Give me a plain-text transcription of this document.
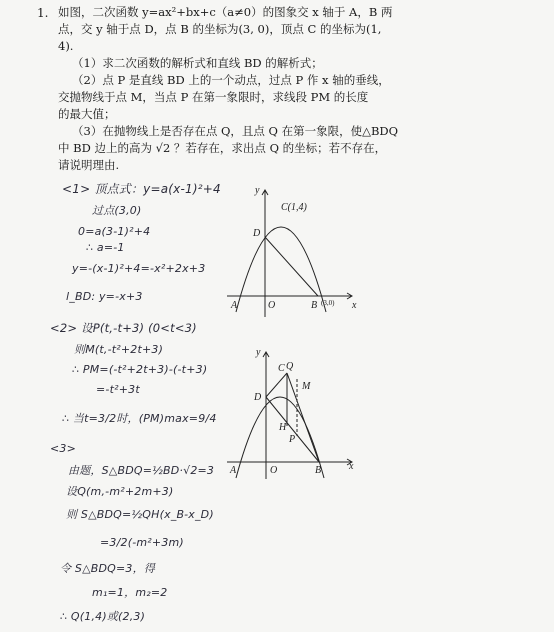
1. 如图，二次函数 y=ax²+bx+c（a≠0）的图象交 x 轴于 A，B 两
点，交 y 轴于点 D，点 B 的坐标为(3, 0)，顶点 C 的坐标为(1,
4).
（1）求二次函数的解析式和直线 BD 的解析式；
（2）点 P 是直线 BD 上的一个动点，过点 P 作 x 轴的垂线，
交抛物线于点 M，当点 P 在第一象限时，求线段 PM 的长度
的最大值；
（3）在抛物线上是否存在点 Q，且点 Q 在第一象限，使△BDQ
中 BD 边上的高为 √2 ？若存在，求出点 Q 的坐标；若不存在，
请说明理由.
<1> 顶点式：y=a(x-1)²+4
过点(3,0)
0=a(3-1)²+4
∴ a=-1
y=-(x-1)²+4=-x²+2x+3
l_BD: y=-x+3
<2> 设P(t,-t+3) (0<t<3)
则M(t,-t²+2t+3)
∴ PM=(-t²+2t+3)-(-t+3)
=-t²+3t
∴ 当t=3/2时，(PM)max=9/4
<3>
由题，S△BDQ=½BD·√2=3
设Q(m,-m²+2m+3)
则 S△BDQ=½QH(x_B-x_D)
=3/2(-m²+3m)
令 S△BDQ=3，得
m₁=1，m₂=2
∴ Q(1,4)或(2,3)
y
x
O
A	B
D
C(1,4)
(3,0)
y
x
O
A	B
D
C Q
M
H
P
